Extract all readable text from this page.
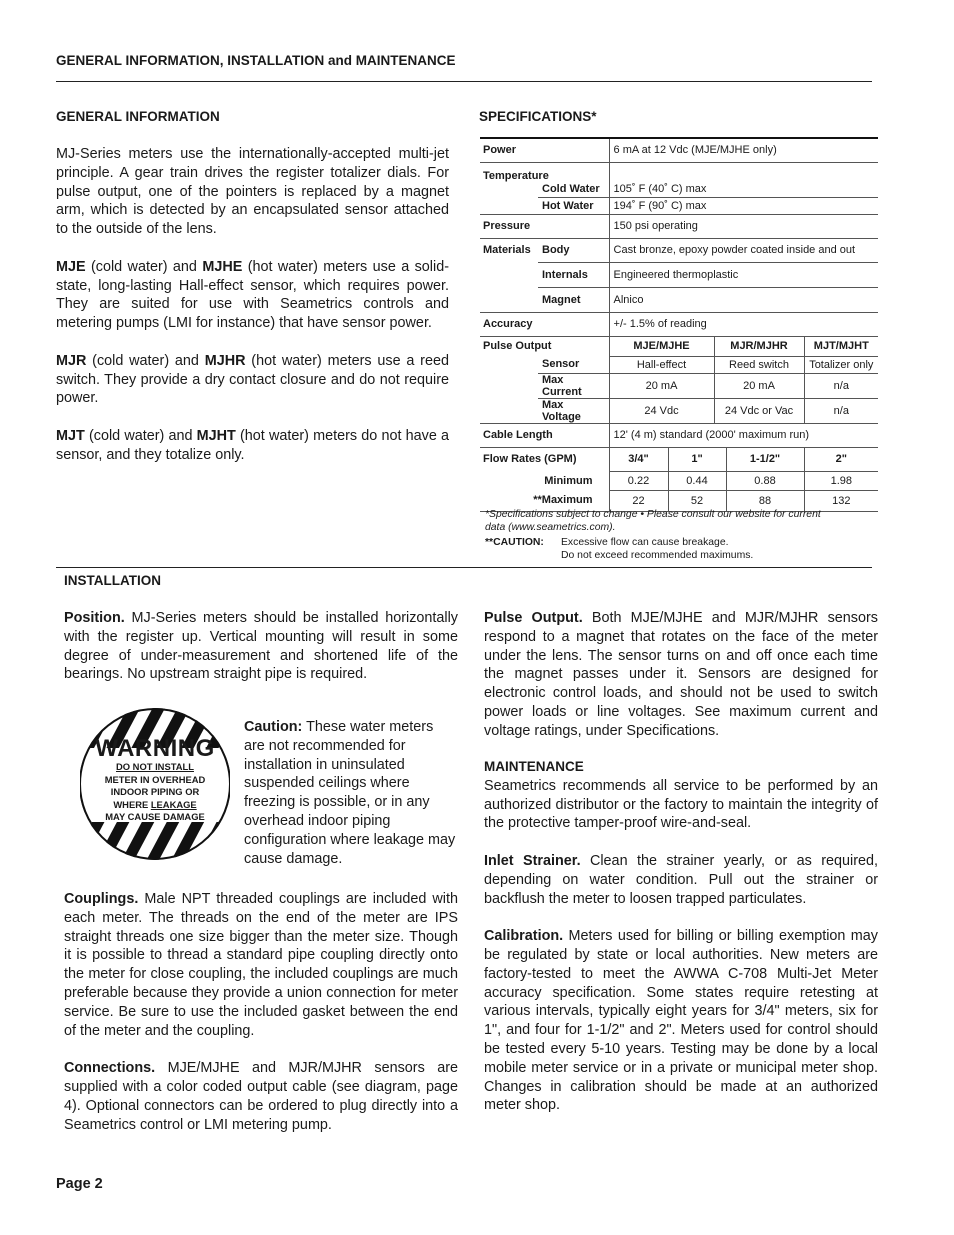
GENERAL INFORMATION, INSTALLATION and MAINTENANCE
GENERAL INFORMATION

MJ-Series meters use the internationally-accepted multi-jet principle. A gear train drives the register totalizer dials. For pulse output, one of the pointers is replaced by a magnet arm, which is detected by an encapsulated sensor attached to the outside of the lens.

MJE (cold water) and MJHE (hot water) meters use a solid-state, long-lasting Hall-effect sensor, which requires power. They are suited for use with Seametrics controls and metering pumps (LMI for instance) that have sensor power.

MJR (cold water) and MJHR (hot water) meters use a reed switch. They provide a dry contact closure and do not require power.

MJT (cold water) and MJHT (hot water) meters do not have a sensor, and they totalize only.

SPECIFICATIONS*
Power		6 mA at 12 Vdc (MJE/MJHE only)				
Temperature						
	Cold Water	105˚ F (40˚ C) max				
	Hot Water	194˚ F (90˚ C) max				
Pressure		150 psi operating				
Materials	Body	Cast bronze, epoxy powder coated inside and out				
	Internals	Engineered thermoplastic				
	Magnet	Alnico				
Accuracy		+/- 1.5% of reading				
Pulse Output		MJE/MJHE		MJR/MJHR		MJT/MJHT
	Sensor	Hall-effect		Reed switch		Totalizer only
	Max Current	20 mA		20 mA		n/a
	Max Voltage	24 Vdc		24 Vdc or Vac		n/a
Cable Length		12' (4 m) standard (2000' maximum run)				
Flow Rates (GPM)		3/4"	1"		1-1/2"	2"
Minimum		0.22	0.44		0.88	1.98
**Maximum		22	52		88	132
*Specifications subject to change • Please consult our website for current data (www.seametrics.com).
**CAUTION: Excessive flow can cause breakage.
Do not exceed recommended maximums.
INSTALLATION

Position. MJ-Series meters should be installed horizontally with the register up. Vertical mounting will result in some degree of under-measurement and shortened life of the bearings. No upstream straight pipe is required.

WARNING
DO NOT INSTALL
METER IN OVERHEAD
INDOOR PIPING OR
WHERE LEAKAGE
MAY CAUSE DAMAGE

Caution: These water meters are not recommended for installation in uninsulated suspended ceilings where freezing is possible, or in any overhead indoor piping configuration where leakage may cause damage.

Couplings. Male NPT threaded couplings are included with each meter. The threads on the end of the meter are IPS straight threads one size bigger than the meter size. Though it is possible to thread a standard pipe coupling directly onto the meter for close coupling, the included couplings are much preferable because they provide a union connection for meter service. Be sure to use the included gasket between the end of the meter and the coupling.

Connections. MJE/MJHE and MJR/MJHR sensors are supplied with a color coded output cable (see diagram, page 4). Optional connectors can be ordered to plug directly into a Seametrics control or LMI metering pump.

Pulse Output. Both MJE/MJHE and MJR/MJHR sensors respond to a magnet that rotates on the face of the meter under the lens. The sensor turns on and off once each time the magnet passes under it. Sensors are designed for electronic control loads, and should not be used to switch power loads or line voltages. See maximum current and voltage ratings, under Specifications.

MAINTENANCE

Seametrics recommends all service to be performed by an authorized distributor or the factory to maintain the integrity of the protective tamper-proof wire-and-seal.

Inlet Strainer. Clean the strainer yearly, or as required, depending on water condition. Pull out the strainer or backflush the meter to loosen trapped particulates.

Calibration. Meters used for billing or billing exemption may be regulated by state or local authorities. New meters are factory-tested to meet the AWWA C-708 Multi-Jet Meter accuracy specification. Some states require retesting at various intervals, typically eight years for 3/4" meters, six for 1", and four for 1-1/2" and 2". Meters used for control should be tested every 5-10 years. Testing may be done by a local mobile meter service or in a private or municipal meter shop. Changes in calibration should be made at an authorized meter shop.

Page 2
